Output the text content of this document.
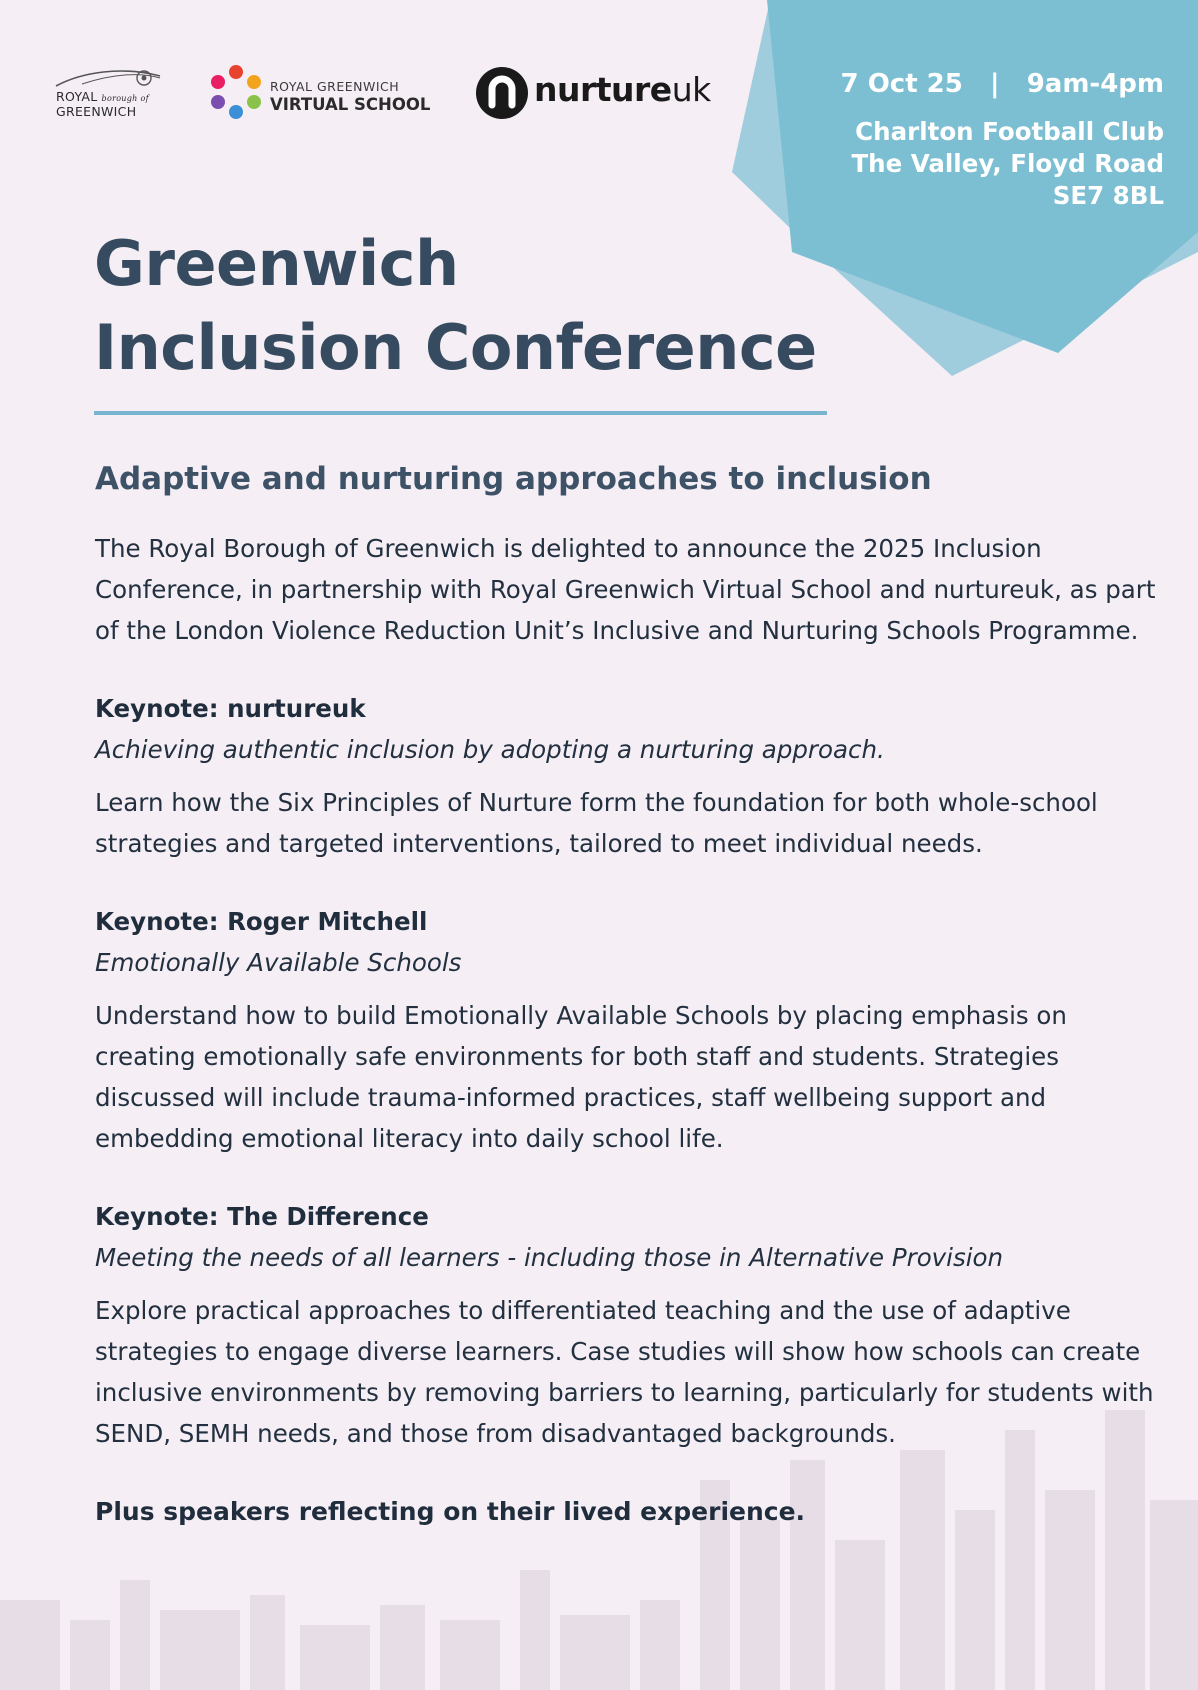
ROYAL borough of
GREENWICH
ROYAL GREENWICH
VIRTUAL SCHOOL	nurtureuk	7 Oct 25 | 9am-4pm
Charlton Football Club
The Valley, Floyd Road
SE7 8BL
Greenwich
Inclusion Conference
Adaptive and nurturing approaches to inclusion

The Royal Borough of Greenwich is delighted to announce the 2025 Inclusion Conference, in partnership with Royal Greenwich Virtual School and nurtureuk, as part of the London Violence Reduction Unit’s Inclusive and Nurturing Schools Programme.

Keynote: nurtureuk
Achieving authentic inclusion by adopting a nurturing approach.

Learn how the Six Principles of Nurture form the foundation for both whole-school strategies and targeted interventions, tailored to meet individual needs.

Keynote: Roger Mitchell
Emotionally Available Schools

Understand how to build Emotionally Available Schools by placing emphasis on creating emotionally safe environments for both staff and students. Strategies discussed will include trauma-informed practices, staff wellbeing support and embedding emotional literacy into daily school life.

Keynote: The Difference
Meeting the needs of all learners - including those in Alternative Provision

Explore practical approaches to differentiated teaching and the use of adaptive strategies to engage diverse learners. Case studies will show how schools can create inclusive environments by removing barriers to learning, particularly for students with SEND, SEMH needs, and those from disadvantaged backgrounds.

Plus speakers reflecting on their lived experience.
